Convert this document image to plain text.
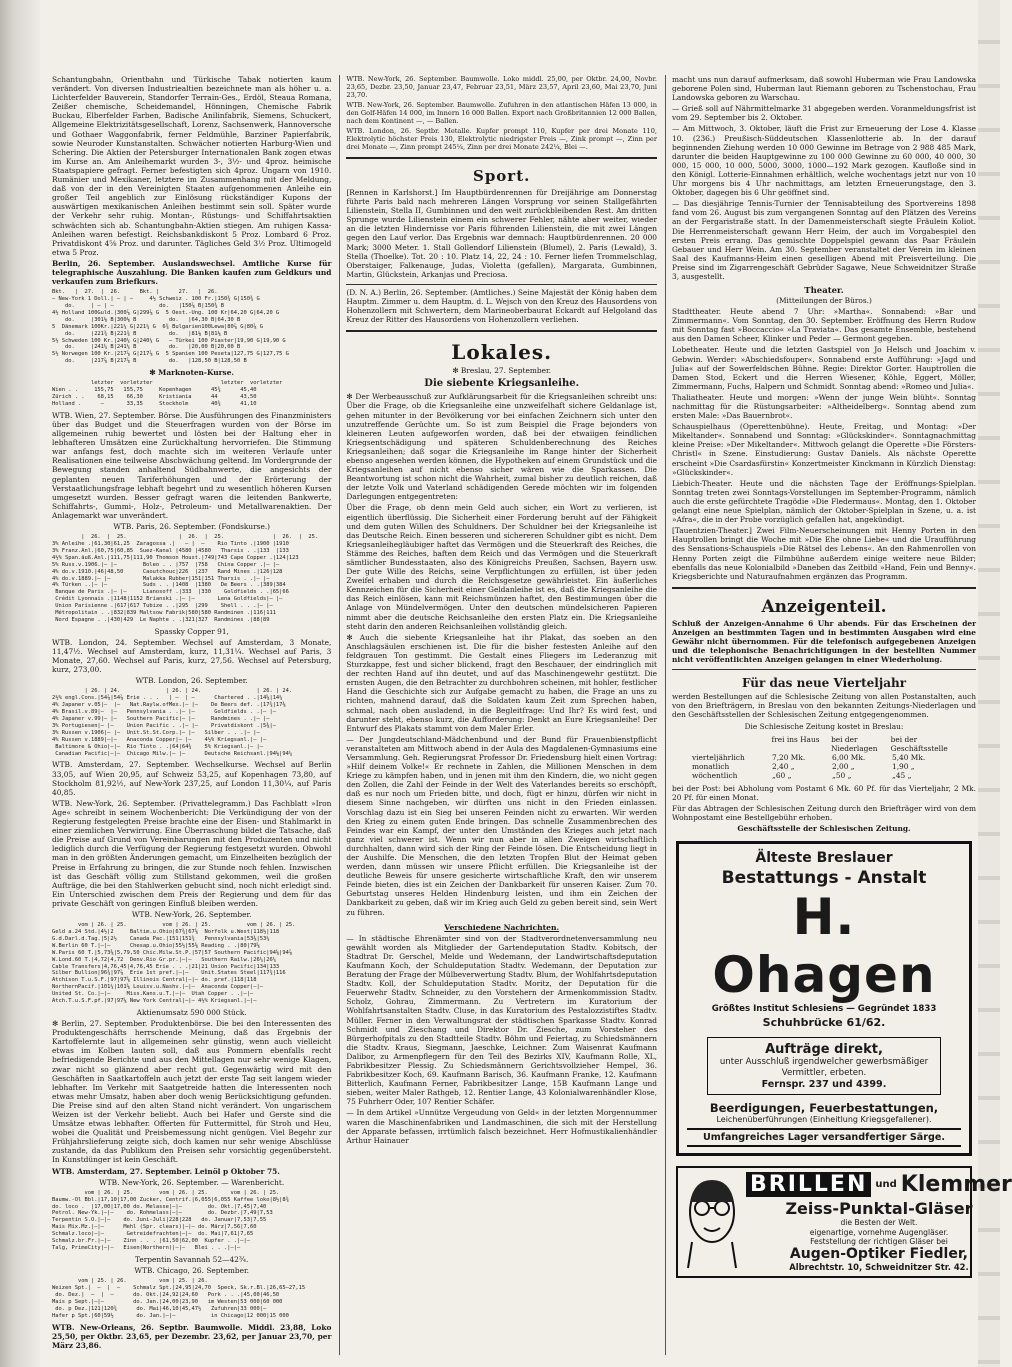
Schantungbahn, Orientbahn und Türkische Tabak notierten kaum verändert. Von diversen Industriealtien bezeichnete man als höher u. a. Lichterfelder Bauverein, Standorfer Terrain-Ges., Erdöl, Steaua Romana, Zeißer chemische, Scheidemandel, Hönningen, Chemische Fabrik Buckau, Elberfelder Farben, Badische Anilinfabrik, Siemens, Schuckert, Allgemeine Elektrizitätsgesellschaft, Lorenz, Sachsenwerk, Hannoversche und Gothaer Waggonfabrik, ferner Feldmühle, Barziner Papierfabrik, sowie Neuroder Kunstanstalten. Schwächer notierten Harburg-Wien und Schering. Die Aktien der Petersburger Internationalen Bank zogen etwas im Kurse an. Am Anleihemarkt wurden 3-, 3½- und 4proz. heimische Staatspapiere gefragt. Ferner befestigten sich 4proz. Ungarn von 1910. Rumänier und Mexikaner, letztere im Zusammenhang mit der Meldung, daß von der in den Vereinigten Staaten aufgenommenen Anleihe ein großer Teil angeblich zur Einlösung rückständiger Kupons der auswärtigen mexikanischen Anleihen bestimmt sein soll. Später wurde der Verkehr sehr ruhig. Montan-, Rüstungs- und Schiffahrtsaktien schwächten sich ab. Schantungbahn-Aktien stiegen. Am ruhigen Kassa-Anleihen waren befestigt. Reichsbankdiskont 5 Proz. Lombard 6 Proz. Privatdiskont 4⅝ Proz. und darunter. Tägliches Geld 3½ Proz. Ultimogeld etwa 5 Proz.

Berlin, 26. September. Auslandswechsel. Amtliche Kurse für telegraphische Auszahlung. Die Banken kaufen zum Geldkurs und verkaufen zum Briefkurs.

Bkt.   |  27.  |  26.      Bkt. |      27.   |  26.
— New-York 1 Doll.| — | —     4½ Schweiz . 100 Fr.|150¾ G|150¾ G
do.     | — | —              do.   |150⅞ B|150¾ B
4½ Holland 100Guld.|300⅞ G|299⅞ G  5 Oest.-Ung. 100 Kr|64,20 G|64,20 G
do.     |301⅛ B|300⅛ B          do.   |64,30 B|64,30 B
5  Dänemark 100Kr.|221¼ G|221¼ G  6¾ Bulgarien100Lewa|80⅞ G|80⅞ G
do.     |221¾ B|221¾ B          do.   |81⅛ B|81⅛ B
5½ Schweden 100 Kr.|240¼ G|240¼ G   — Türkei 100 Piaster|19,90 G|19,90 G
do.     |241¼ B|241¼ B          do.   |20,00 B|20,00 B
5½ Norwegen 100 Kr.|217⅞ G|217⅞ G  5 Spanien 100 Peseta|127,75 G|127,75 G
do.     |217⅞ B|217⅞ B          do.   |128,50 B|128,50 B

✻ Marknoten-Kurse.

letzter  vorletzter                     letzter  vorletzter
Wien . .     155,75   155,75     Kopenhagen      45¾      45,40
Zürich . .    68,15    66,30     Kristiania      44       43,50
Holland .      —       33,35     Stockholm       40¾      41,10

WTB. Wien, 27. September. Börse. Die Ausführungen des Finanzministers über das Budget und die Steuerfragen wurden von der Börse im allgemeinen ruhig bewertet und lösten bei der Haltung eher in lebhafteren Umsätzen eine Zurückhaltung hervorriefen. Die Stimmung war anfangs fest, doch machte sich im weiteren Verlaufe unter Realisationen eine teilweise Abschwächung geltend. Im Vordergrunde der Bewegung standen anhaltend Südbahnwerte, die angesichts der geplanten neuen Tariferhöhungen und der Erörterung der Verstaatlichungsfrage lebhaft begehrt und zu wesentlich höheren Kursen umgesetzt wurden. Besser gefragt waren die leitenden Bankwerte, Schiffahrts-, Gummi-, Holz-, Petroleum- und Metallwarenaktien. Der Anlagemarkt war unverändert.

WTB. Paris, 26. September. (Fondskurse.)

|  26.  |  25.                |  26.  |  25.               |  26.  |  25.
3% Anleihe .|61,30|61,25  Zaragossa .|   — |  —    Rio Tinto .|1900 |1910
3% Franz.Anl.|60,75|60,85  Suez-Kanal |4580 |4580   Tharsis . .|133  |133
4½% Span.äuß.Anl.|111,75|111,90 Thomson Houst.|749|743 Cape Copper .|124|123
5% Russ.v.1906.|— |—        Boleo . . |757  |758   China Copper .|— |—
4% do.v.1910.|46|48,50      Caoutchouc|226  |237   Rand Mines .|126|128
4% do.v.1889.|— |—          Malakka Rubber|151|151 Tharsis . .|— |—
4% Türken ..|— |—           Suds . . |1408  |1380   De Beers . .|389|384
Banque de Paris .|— |—     Lianosoff .|333  |330    Goldfields . .|65|66
Crédit Lyonnais .|1148|1152 Brianski .|— |—       Lena Goldfields|— |—
Union Parisienne .|617|617 Tubize . .|295  |299    Shell . . .|— |—
Métropolitain . .|832|839 Maltsow Fabrik|580|580 Randminen .|116|111
Nord Espagne . .|430|429  Le Naphte . .|321|327  Randmines .|88|89

Spassky Copper 91,

WTB. London, 24. September. Wechsel auf Amsterdam, 3 Monate, 11,47½. Wechsel auf Amsterdam, kurz, 11,31¼. Wechsel auf Paris, 3 Monate, 27,60. Wechsel auf Paris, kurz, 27,56. Wechsel auf Petersburg, kurz, 273,00.

WTB. London, 26. September.

| 26. | 24.              | 26. | 24.                 | 26. | 24.
2½% engl.Cons.|54⅞|54⅞ Erie . . .   | —  | —      Chartered . .|14⅝|14¼
4% Japaner v.05|—  |—   Nat.Raylw.ofMex.|— |—    De Beers def. .|17¾|17⅜
4% Brasil.v.89|—  |—   Pennsylvania . .|— |—      Goldfields . .|— |—
4% Japaner v.99|— |—   Southern Pacific|— |—     Randmines . .|— |—
3% Portugiesen|— |—    Union Pacific . .|— |—    Privatdiskont .|5⅜|—
3% Russen v.1906|— |—  Unit.St.St.Corp.|— |—   Silber . . .|— |—
4% Russen v.1889|—|—   Anaconda Copper|— |—    4½% Kriegsanl.|— |—
Baltimore & Ohio|—|—  Rio Tinto . .|64|64¾    5% Kriegsanl.|— |—
Canadian Pacific|—|—  Chicago Milw.|— |—      Deutsche Reichsanl.|94⅛|94¼

WTB. Amsterdam, 27. September. Wechselkurse. Wechsel auf Berlin 33,05, auf Wien 20,95, auf Schweiz 53,25, auf Kopenhagen 73,80, auf Stockholm 81,92½, auf New-York 237,25, auf London 11,30¼, auf Paris 40,85.

WTB. New-York, 26. September. (Privattelegramm.) Das Fachblatt »Iron Age« schreibt in seinem Wochenbericht: Die Verkündigung der von der Regierung festgelegten Preise brachte eine der Eisen- und Stahlmarkt in einer ziemlichen Verwirrung. Eine Überraschung bildet die Tatsache, daß die Preise auf Grund von Vereinbarungen mit den Produzenten und nicht lediglich durch die Verfügung der Regierung festgesetzt wurden. Obwohl man in den größten Änderungen gemacht, um Einzelheiten bezüglich der Preise in Erfahrung zu bringen, die zur Stunde noch fehlen. Inzwischen ist das Geschäft völlig zum Stillstand gekommen, weil die großen Aufträge, die bei den Stahlwerken gebucht sind, noch nicht erledigt sind. Ein Unterschied zwischen dem Preis der Regierung und dem für das private Geschäft von geringen Einfluß bleiben werden.

WTB. New-York, 26. September.

vom | 26. | 25.           vom | 26. | 25.           vom | 26. | 25.
Geld a.24 Std.|4½|2     Baltim.u.Ohio|67¾|67⅝  Norfolk u.West|118½|118
G.d.Darl.d.Tag.|5|2½    Canada Pac.|151|151¾   Pennsylvania|53⅜|53¼
W.Berlin 60 T.|—|—      Chesap.u.Ohio|55½|55⅝ Reading . .|80|79⅝
W.Paris 60 T.|5,73⅜|5,79,50 Chic.Milw.St.P.|57|57 Southern Pacific|94⅝|94⅞
W.Lond.60 T.|4,72|4,72  Denv.Rio Gr.pr.|—|—   Southern Railw.|26¼|26¼
Cable Transfers|4,76,45|4,76,45 Erie . . .|21|21 Union Pacific|134|133
Silber Bullion|96¾|97⅞  Erie 1st pref.|—|—    Unit.States Steel|117¾|116
Atchison T.u.S.F.|97|97⅝ Illinois Central|—|— do. pref.|118|118
NorthernPacif.|101¼|101⅝ Louisv.u.Nashv.|—|—  Anaconda Copper|—|—
United St. Co.|—|—     Miss.Kans.u.T.|—|—  Utah Copper . .|—|—
Atch.T.u.S.F.pf.|97|97⅝ New York Central|—|— 4½% Kriegsanl.|—|—

Aktienumsatz 590 000 Stück.

✻ Berlin, 27. September. Produktenbörse. Die bei den Interessenten des Produktengeschäfts herrschende Meinung, daß das Ergebnis der Kartoffelernte laut in allgemeinen sehr günstig, wenn auch vielleicht etwas im Kolben lauten soll, daß aus Pommern ebenfalls recht befriedigende Berichte und aus den Mittellagen nur sehr wenige Klagen, zwar nicht so glänzend aber recht gut. Gegenwärtig wird mit den Geschäften in Saatkartoffeln auch jetzt der erste Tag seit langem wieder lebhafter. Im Verkehr mit Saatgetreide hatten die Interessenten noch etwas mehr Umsatz, haben aber doch wenig Berücksichtigung gefunden. Die Preise sind auf den alten Stand nicht verändert. Von ungarischem Weizen ist der Verkehr beliebt. Auch bei Hafer und Gerste sind die Umsätze etwas lebhafter. Offerten für Futtermittel, für Stroh und Heu, wobei die Qualität und Preisbemessung nicht genügen. Viel Begehr zur Frühjahrslieferung zeigte sich, doch kamen nur sehr wenige Abschlüsse zustande, da das Publikum den Preisen sehr vorsichtig gegenübersteht. In Kunstdünger ist kein Geschäft.

WTB. Amsterdam, 27. September. Leinöl p Oktober 75.

WTB. New-York, 26. September. — Warenbericht.

vom | 26. | 25.        vom | 26. | 25.       vom | 26. | 25.
Baumw.-Ol Bbl.|17,10|17,00 Zucker, Centrif.|6,055|6,055 Kaffee loko|8½|8¾
do. loco .  |17,00|17,00 do. Melasse|—|—        do. Okt.|7,45|7,40
Petrol. New-Yk.|—|—    do. Rohmelass|—|—        do. Dezbr.|7,49|7,53
Terpentin S.O.|—|—    do. Juni-Juli|228|228   do. Januar|7,53|7,55
Mais Mix.Mz.|—|—      Mehl (Spr. clears)|—|— do. März|7,56|7,60
Schmalz.loco|—|—       Getreidefrachten|—|—  do. Mai|7,61|7,65
Schmalz.br.Fr.|—|—    Zinn . . . |61,50|62,00  Kupfer . .|—|—
Talg, PrimeCity|—|—   Eisen(Northern)|—|—   Blei . . .|—|—

Terpentin Savannah 52—42¾.

WTB. Chicago, 26. September.

vom | 25. | 26.          vom | 25. | 26.
Weizen Spt.|  —  |  —    Schmalz Spt.|24,95|24,70  Speck, Sk.r.Bl.|26,65—27,15
do. Dez.|  —  |  —      do. Okt.|24,92|24,60   Pork . . .|45,00|46,50
Mais p Sept.|—|—         do. Jan.|24,00|23,90   im Westen|53 000|60 000
do. p Dez.|121|120¾      do. Mai|46,10|45,47½   Zufuhren|33 000|—
Hafer p Spt.|60|59½       do. Jan.|—|—           in Chicago|12 000|15 000

WTB. New-Orleans, 26. Septbr. Baumwolle. Middl. 23,88, Loko 25,50, per Oktbr. 23,65, per Dezembr. 23,62, per Januar 23,70, per März 23,86.

WTB. New-York, 26. September. Baumwolle. Loko middl. 25,00, per Oktbr. 24,00, Novbr. 23,65, Dezbr. 23,50, Januar 23,47, Februar 23,51, März 23,57, April 23,60, Mai 23,70, Juni 23,70.

WTB. New-York, 26. September. Baumwolle. Zufuhren in den atlantischen Häfen 13 000, in den Golf-Häfen 14 000, im Innern 16 000 Ballen. Export nach Großbritannien 12 000 Ballen, nach dem Kontinent —, — Ballen.

WTB. London, 26. Septbr. Metalle. Kupfer prompt 110, Kupfer per drei Monate 110, Elektrolytic höchster Preis 130, Elektrolytic niedrigster Preis —, Zink prompt —, Zinn per drei Monate —, Zinn prompt 245¼, Zinn per drei Monate 242¼, Blei —.

Sport.

[Rennen in Karlshorst.] Im Hauptbürdenrennen für Dreijährige am Donnerstag führte Paris bald nach mehreren Längen Vorsprung vor seinen Stallgefährten Lilienstein, Stella II, Gumbinnen und den weit zurückbleibenden Rest. Am dritten Sprunge wurde Lilienstein einem ein schwerer Fehler, nähte aber weiter, wieder an die letzten Hindernisse vor Paris führenden Lilienstein, die mit zwei Längen gegen den Lauf verlor. Das Ergebnis war demnach: Hauptbürdenrennen. 20 000 Mark; 3000 Meter. 1. Stall Gollendorf Lilienstein (Blumel), 2. Paris (Lewald), 3. Stella (Thoelke). Tot. 20 : 10. Platz 14, 22, 24 : 10. Ferner liefen Trommelschlag, Oberstaiger, Falkenauge, Judas, Violetta (gefallen), Margarata, Gumbinnen, Martin, Glückstein, Arkanjas und Preciosa.

(D. N. A.) Berlin, 26. September. (Amtliches.) Seine Majestät der König haben dem Hauptm. Zimmer u. dem Hauptm. d. L. Wejsch von den Kreuz des Hausordens von Hohenzollern mit Schwertern, dem Marineoberbaurat Eckardt auf Helgoland das Kreuz der Ritter des Hausordens von Hohenzollern verliehen.

Lokales.
✻ Breslau, 27. September.
Die siebente Kriegsanleihe.

✻ Der Werbeausschuß zur Aufklärungsarbeit für die Kriegsanleihen schreibt uns: Über die Frage, ob die Kriegsanleihe eine unzweifelhaft sichere Geldanlage ist, gehen mitunter in der Bevölkerung vor bei einfachen Zeichnern sich unter den unzutreffende Gerüchte um. So ist zum Beispiel die Frage bejonders von kleineren Leuten aufgeworfen worden, daß bei der etwaiigen feindlichen Kriegsentschädigung und späteren Schuldenberechnung des Reiches Kriegsanleihen; daß sogar die Kriegsanleihe im Range hinter der Sicherheit ebenso angesehen werden können, die Hypotheken auf einem Grundstück und die Kriegsanleihen auf nicht ebenso sicher wären wie die Sparkassen. Die Beantwortung ist schon nicht die Wahrheit, zumal bisher zu deutlich reichen, daß der letzte Volk und Vaterland schädigenden Gerede möchten wir im folgenden Darlegungen entgegentreten:

Über die Frage, ob denn mein Geld auch sicher, ein Wort zu verlieren, ist eigentlich überflüssig. Die Sicherheit einer Forderung beruht auf der Fähigkeit und dem guten Willen des Schuldners. Der Schuldner bei der Kriegsanleihe ist das Deutsche Reich. Einen besseren und sichereren Schuldner gibt es nicht. Dem Kriegsanleihegläubiger haftet das Vermögen und die Steuerkraft des Reiches, die Stämme des Reiches, haften dem Reich und das Vermögen und die Steuerkraft sämtlicher Bundesstaaten, also des Königreichs Preußen, Sachsen, Bayern usw. Der gute Wille des Reichs, seine Verpflichtungen zu erfüllen, ist über jeden Zweifel erhaben und durch die Reichsgesetze gewährleistet. Ein äußerliches Kennzeichen für die Sicherheit einer Geldanleihe ist es, daß die Kriegsanleihe die das Reich einlösen, kann mit Reichsmünzen haftet, den Bestimmungen über die Anlage von Mündelvermögen. Unter den deutschen mündelsicheren Papieren nimmt aber die deutsche Reichsanleihe den ersten Platz ein. Die Kriegsanleihe steht darin den anderen Reichsanleihen vollständig gleich.

✻ Auch die siebente Kriegsanleihe hat ihr Plakat, das soeben an den Anschlagsäulen erschienen ist. Die für die bisher festesten Anleihe auf den feldgrauen Ton gestimmt. Die Gestalt eines Fliegers im Lederanzug mit Sturzkappe, fest und sicher blickend, fragt den Beschauer, der eindringlich mit der rechten Hand auf ihn deutet, und auf das Maschinengewehr gestützt. Die ernsten Augen, die den Betrachter zu durchbohren scheinen, mit hohler, festlicher Hand die Geschichte sich zur Aufgabe gemacht zu haben, die Frage an uns zu richten, mahnend darauf, daß die Soldaten kaum Zeit zum Sprechen haben, schmal, nach oben ausladend, in die Begleitfrage: Und Ihr? Es wird fest, und darunter steht, ebenso kurz, die Aufforderung: Denkt an Eure Kriegsanleihe! Der Entwurf des Plakats stammt von dem Maler Erler.

— Der Jungdeutschland-Mädchenbund und der Bund für Frauenbienstpflicht veranstalteten am Mittwoch abend in der Aula des Magdalenen-Gymnasiums eine Versammlung. Geh. Regierungsrat Professor Dr. Friedensburg hielt einen Vortrag: »Hilf deinem Volke!« Er rechnete in Zahlen, die Millionen Menschen in dem Kriege zu kämpfen haben, und in jenen mit ihm den Kindern, die, wo nicht gegen den Zollen, die Zahl der Feinde in der Welt des Vaterlandes bereits so erschöpft, daß es nur noch um Frieden bitte, und doch, fügt er hinzu, dürfen wir nicht in diesem Sinne nachgeben, wir dürften uns nicht in den Frieden einlassen. Vorschlag dazu ist ein Sieg bei unseren Feinden nicht zu erwarten. Wir werden den Krieg zu einem guten Ende bringen. Das schnelle Zusammenbrechen des Feindes war ein Kampf, der unter den Umständen des Krieges auch jetzt nach ganz viel schwerer ist. Wenn wir nun aber in allen Zweigen wirtschaftlich durchhalten, dann wird sich der Ring der Feinde lösen. Die Entscheidung liegt in der Aushilfe. Die Menschen, die den letzten Tropfen Blut der Heimat geben werden, dann müssen wir unsere Pflicht erfüllen. Die Kriegsanleihe ist der deutliche Beweis für unsere gesicherte wirtschaftliche Kraft, den wir unserem Feinde bieten, dies ist ein Zeichen der Dankbarkeit für unseren Kaiser. Zum 70. Geburtstag unseres Helden Hindenburg leisten, und ihm ein Zeichen der Dankbarkeit zu geben, daß wir im Krieg auch Geld zu geben bereit sind, sein Wert zu führen.

Verschiedene Nachrichten.

— In städtische Ehrenämter sind von der Stadtverordnetenversammlung neu gewählt worden als Mitglieder der Gartendeputation Stadtv. Kobitsch, der Stadtrat Dr. Gerschel, Melde und Wedemann, der Landwirtschaftsdeputation Kaufmann Koch, der Schuldeputation Stadtv. Wedemann, der Deputation zur Beratung der Frage der Mülbeverwertung Stadtv. Blum, der Wohlfahrtsdeputation Stadtv. Koll, der Schuldeputation Stadtv. Moritz, der Deputation für die Feuerwehr Stadtv. Schneider, zu den Vorstehern der Armenkommission Stadtv. Scholz, Gohrau, Zimmermann. Zu Vertretern im Kuratorium der Wohlfahrtsanstalten Stadtv. Cluse, in das Kuratorium des Pestalozzistiftes Stadtv. Müller. Ferner in den Verwaltungsrat der städtischen Sparkasse Stadtv. Konrad Schmidt und Zieschang und Direktor Dr. Ziesche, zum Vorsteher des Bürgerhofpitals zu den Stadtteile Stadtv. Böhm und Feiertag, zu Schiedsmännern die Stadtv. Kraus, Siegmann, Jaeschke, Leichner. Zum Waisenrat Kaufmann Dalibor, zu Armenpflegern für den Teil des Bezirks XIV, Kaufmann Rolle, XL, Fabrikbesitzer Plessig. Zu Schiedsmännern Gerichtsvollzieher Hempel, 36. Fabrikbesitzer Koch, 69. Kaufmann Barisch, 36. Kaufmann Franke, 12. Kaufmann Bitterlich, Kaufmann Ferner, Fabrikbesitzer Lange, 15B Kaufmann Lange und sieben, weiter Maler Rathgeb, 12. Rentier Lange, 43 Kolonialwarenhändler Klose, 75 Fuhrherr Oder, 107 Rentier Schäfer.

— In dem Artikel »Unnütze Vergeudung von Geld« in der letzten Morgennummer waren die Maschinenfabriken und Landmaschinen, die sich mit der Herstellung der Apparate befassen, irrtümlich falsch bezeichnet. Herr Hofmustikalienhändler Arthur Hainauer

macht uns nun darauf aufmerksam, daß sowohl Huberman wie Frau Landowska geborene Polen sind, Huberman laut Riemann geboren zu Tschenstochau, Frau Landowska geboren zu Warschau.

— Grieß soll auf Nährmittelmarke 31 abgegeben werden. Voranmeldungsfrist ist vom 29. September bis 2. Oktober.

— Am Mittwoch, 3. Oktober, läuft die Frist zur Erneuerung der Lose 4. Klasse 10. (236.) Preußisch-Süddeutschen Klassenlotterie ab. In der darauf beginnenden Ziehung werden 10 000 Gewinne im Betrage von 2 988 485 Mark, darunter die beiden Hauptgewinne zu 100 000 Gewinne zu 60 000, 40 000, 30 000, 15 000, 10 000, 5000, 3000, 1000—192 Mark gezogen. Kaufloße sind in den Königl. Lotterie-Einnahmen erhältlich, welche wochentags jetzt nur von 10 Uhr morgens bis 4 Uhr nachmittags, am letzten Erneuerungstage, den 3. Oktober, dagegen bis 6 Uhr geöffnet sind.

— Das diesjährige Tennis-Turnier der Tennisabteilung des Sportvereins 1898 fand vom 26. August bis zum vergangenen Sonntag auf den Plätzen des Vereins an der Fergaristraße statt. In der Damenmeisterschaft siegte Fräulein Koliot. Die Herrenmeisterschaft gewann Herr Heim, der auch im Vorgabespiel den ersten Preis errang. Das gemischte Doppelspiel gewann das Paar Fräulein Gebauer und Herr Wein. Am 30. September veranstaltet der Verein im kleinen Saal des Kaufmanns-Heim einen geselligen Abend mit Preisverteilung. Die Preise sind im Zigarrengeschäft Gebrüder Sagawe, Neue Schweidnitzer Straße 3, ausgestellt.

Theater.
(Mitteilungen der Büros.)

Stadttheater. Heute abend 7 Uhr: »Martha«. Sonnabend: »Bar und Zimmermann«. Vom Sonntag, den 30. September. Eröffnung des Herrn Rudow mit Sonntag fast »Boccaccio« »La Traviata«. Das gesamte Ensemble, bestehend aus den Damen Scheer, Klinker und Peder — Germont gegeben.

Lobetheater. Heute und die letzten Gastspiel von Jo Helsch und Joachim v. Gebwin. Werder: »Abschiedsfouper«. Sonnabend erste Aufführung: »Jagd und Julia« auf der Sowerfeldschen Bühne. Regie: Direktor Gorter. Hauptrollen die Damen Stod, Eckert und die Herren Wiesener, Köhle, Eggert, Möller, Zimmermann, Fuchs, Halpern und Schmidt. Sonntag abend: »Romeo und Julia«.

Thaliatheater. Heute und morgen: »Wenn der junge Wein blüht«. Sonntag nachmittag für die Rüstungsarbeiter: »Altheidelberg«. Sonntag abend zum ersten Male: »Das Bauernbrot«.

Schauspielhaus (Operettenbühne). Heute, Freitag, und Montag: »Der Mikeltander«. Sonnabend und Sonntag: »Glückskinder«. Sonntagnachmittag kleine Preise: »Der Mikeltander«. Mittwoch gelangt die Operette »Die Försters-Christl« in Szene. Einstudierung: Gustav Daniels. Als nächste Operette erscheint »Die Csardasfürstin« Konzertmeister Kinckmann in Kürzlich Dienstag: »Glückskinder«.

Liebich-Theater. Heute und die nächsten Tage der Eröffnungs-Spielplan. Sonntag treten zwei Sonntags-Vorstellungen im September-Programm, nämlich auch die erste gefürchtete Tragödie »Die Fledermaus«. Montag, den 1. Oktober gelangt eine neue Spielplan, nämlich der Oktober-Spielplan in Szene, u. a. ist »Afra«, die in der Probe vorzüglich gefallen hat, angekündigt.

[Tauentzien-Theater.] Zwei Film-Neuerscheinungen mit Henny Porten in den Hauptrollen bringt die Woche mit »Die Ehe ohne Liebe« und die Uraufführung des Sensations-Schauspiels »Die Rätsel des Lebens«. An den Rahmenrollen von Henny Porten zeigt die Filmbühne außerdem einige weitere neue Bilder; ebenfalls das neue Kolonialbild »Daneben das Zeitbild »Hand, Fein und Benny«. Kriegsberichte und Naturaufnahmen ergänzen das Programm.

Anzeigenteil.

Schluß der Anzeigen-Annahme 6 Uhr abends. Für das Erscheinen der Anzeigen an bestimmten Tagen und in bestimmten Ausgaben wird eine Gewähr nicht übernommen. Für die telefonisch aufgegebenen Anzeigen und die telephonische Benachrichtigungen in der bestellten Nummer nicht veröffentlichten Anzeigen gelangen in einer Wiederholung.

Für das neue Vierteljahr

werden Bestellungen auf die Schlesische Zeitung von allen Postanstalten, auch von den Briefträgern, in Breslau von den bekannten Zeitungs-Niederlagen und den Geschäftsstellen der Schlesischen Zeitung entgegengenommen.

Die Schlesische Zeitung kostet in Breslau:

frei ins Haus	bei der Niederlagen
bei der Geschäftsstelle
vierteljährlich	7,20 Mk.	6,00 Mk.	5,40 Mk.
monatlich	2,40 „	2,00 „	1,90 „
wöchentlich	„60 „	„50 „	„45 „

bei der Post: bei Abholung vom Postamt 6 Mk. 60 Pf. für das Vierteljahr, 2 Mk. 20 Pf. für einen Monat.

Für das Abtragen der Schlesischen Zeitung durch den Briefträger wird von dem Wohnpostamt eine Bestellgebühr erhoben.

Geschäftsstelle der Schlesischen Zeitung.

Älteste Breslauer
Bestattungs - Anstalt
H. Ohagen
Größtes Institut Schlesiens — Gegründet 1833
Schuhbrücke 61/62.
Aufträge direkt,
unter Ausschluß irgendwelcher gewerbsmäßiger Vermittler, erbeten.
Fernspr. 237 und 4399.
Beerdigungen, Feuerbestattungen,
Leichenüberführungen (Einheitlung Kriegsgefallener).
Umfangreiches Lager versandfertiger Särge.
BRILLEN und Klemmer
Zeiss-Punktal-Gläser
die Besten der Welt.
eigenartige, vornehme Augengläser.
Feststellung der richtigen Gläser bei
Augen-Optiker Fiedler,
Albrechtstr. 10, Schweidnitzer Str. 42.
